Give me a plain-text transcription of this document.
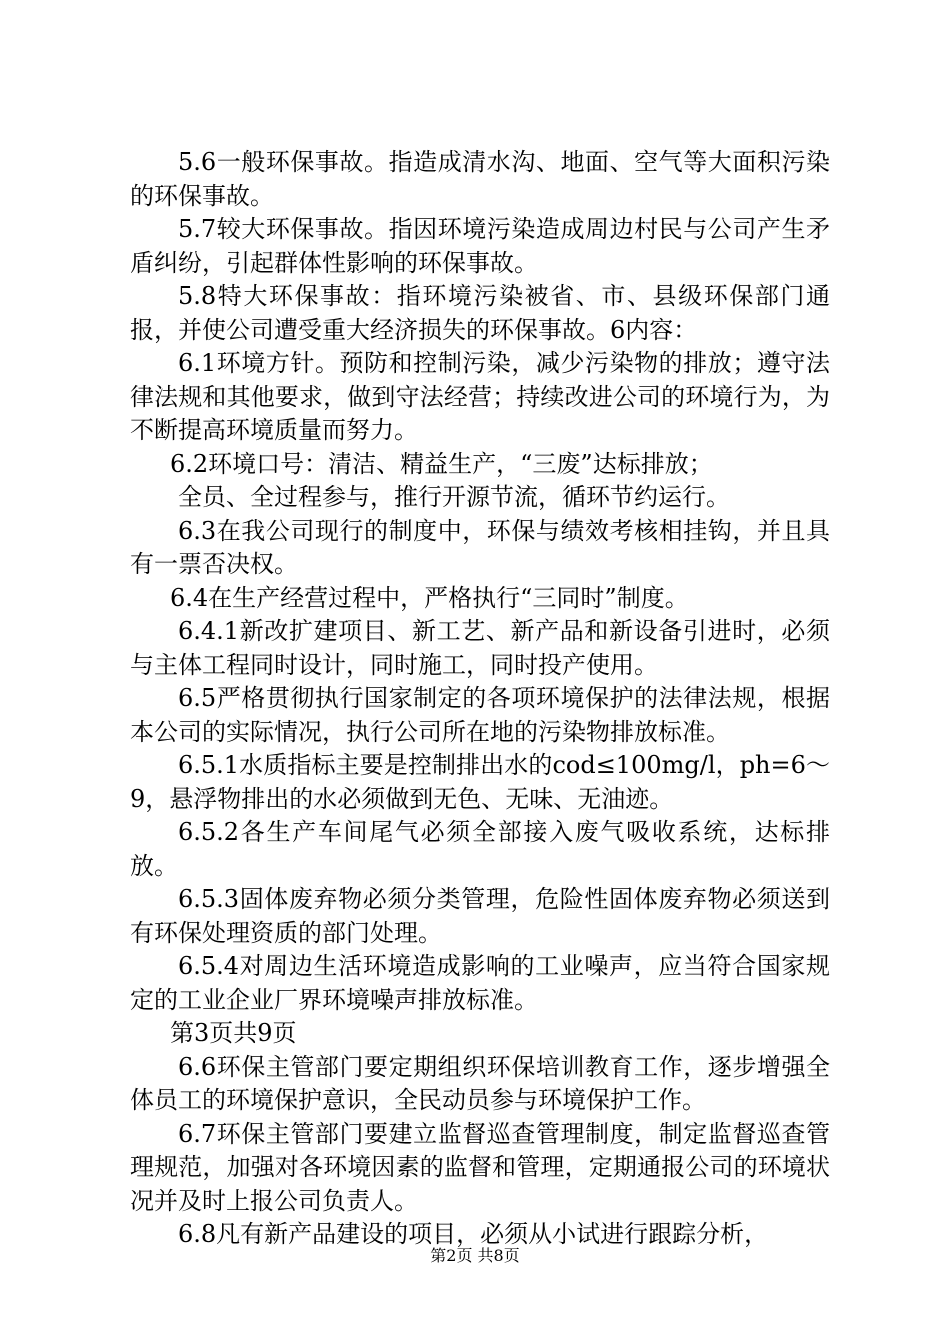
5.6一般环保事故。指造成清水沟、地面、空气等大面积污染的环保事故。

5.7较大环保事故。指因环境污染造成周边村民与公司产生矛盾纠纷，引起群体性影响的环保事故。

5.8特大环保事故：指环境污染被省、市、县级环保部门通报，并使公司遭受重大经济损失的环保事故。6内容：

6.1环境方针。预防和控制污染，减少污染物的排放；遵守法律法规和其他要求，做到守法经营；持续改进公司的环境行为，为不断提高环境质量而努力。

6.2环境口号：清洁、精益生产，“三废”达标排放；

全员、全过程参与，推行开源节流，循环节约运行。

6.3在我公司现行的制度中，环保与绩效考核相挂钩，并且具有一票否决权。

6.4在生产经营过程中，严格执行“三同时”制度。

6.4.1新改扩建项目、新工艺、新产品和新设备引进时，必须与主体工程同时设计，同时施工，同时投产使用。

6.5严格贯彻执行国家制定的各项环境保护的法律法规，根据本公司的实际情况，执行公司所在地的污染物排放标准。

6.5.1水质指标主要是控制排出水的cod≤100mg/l，ph=6～9，悬浮物排出的水必须做到无色、无味、无油迹。

6.5.2各生产车间尾气必须全部接入废气吸收系统，达标排放。

6.5.3固体废弃物必须分类管理，危险性固体废弃物必须送到有环保处理资质的部门处理。

6.5.4对周边生活环境造成影响的工业噪声，应当符合国家规定的工业企业厂界环境噪声排放标准。

第3页共9页

6.6环保主管部门要定期组织环保培训教育工作，逐步增强全体员工的环境保护意识，全民动员参与环境保护工作。

6.7环保主管部门要建立监督巡查管理制度，制定监督巡查管理规范，加强对各环境因素的监督和管理，定期通报公司的环境状况并及时上报公司负责人。

6.8凡有新产品建设的项目，必须从小试进行跟踪分析，

第2页 共8页
